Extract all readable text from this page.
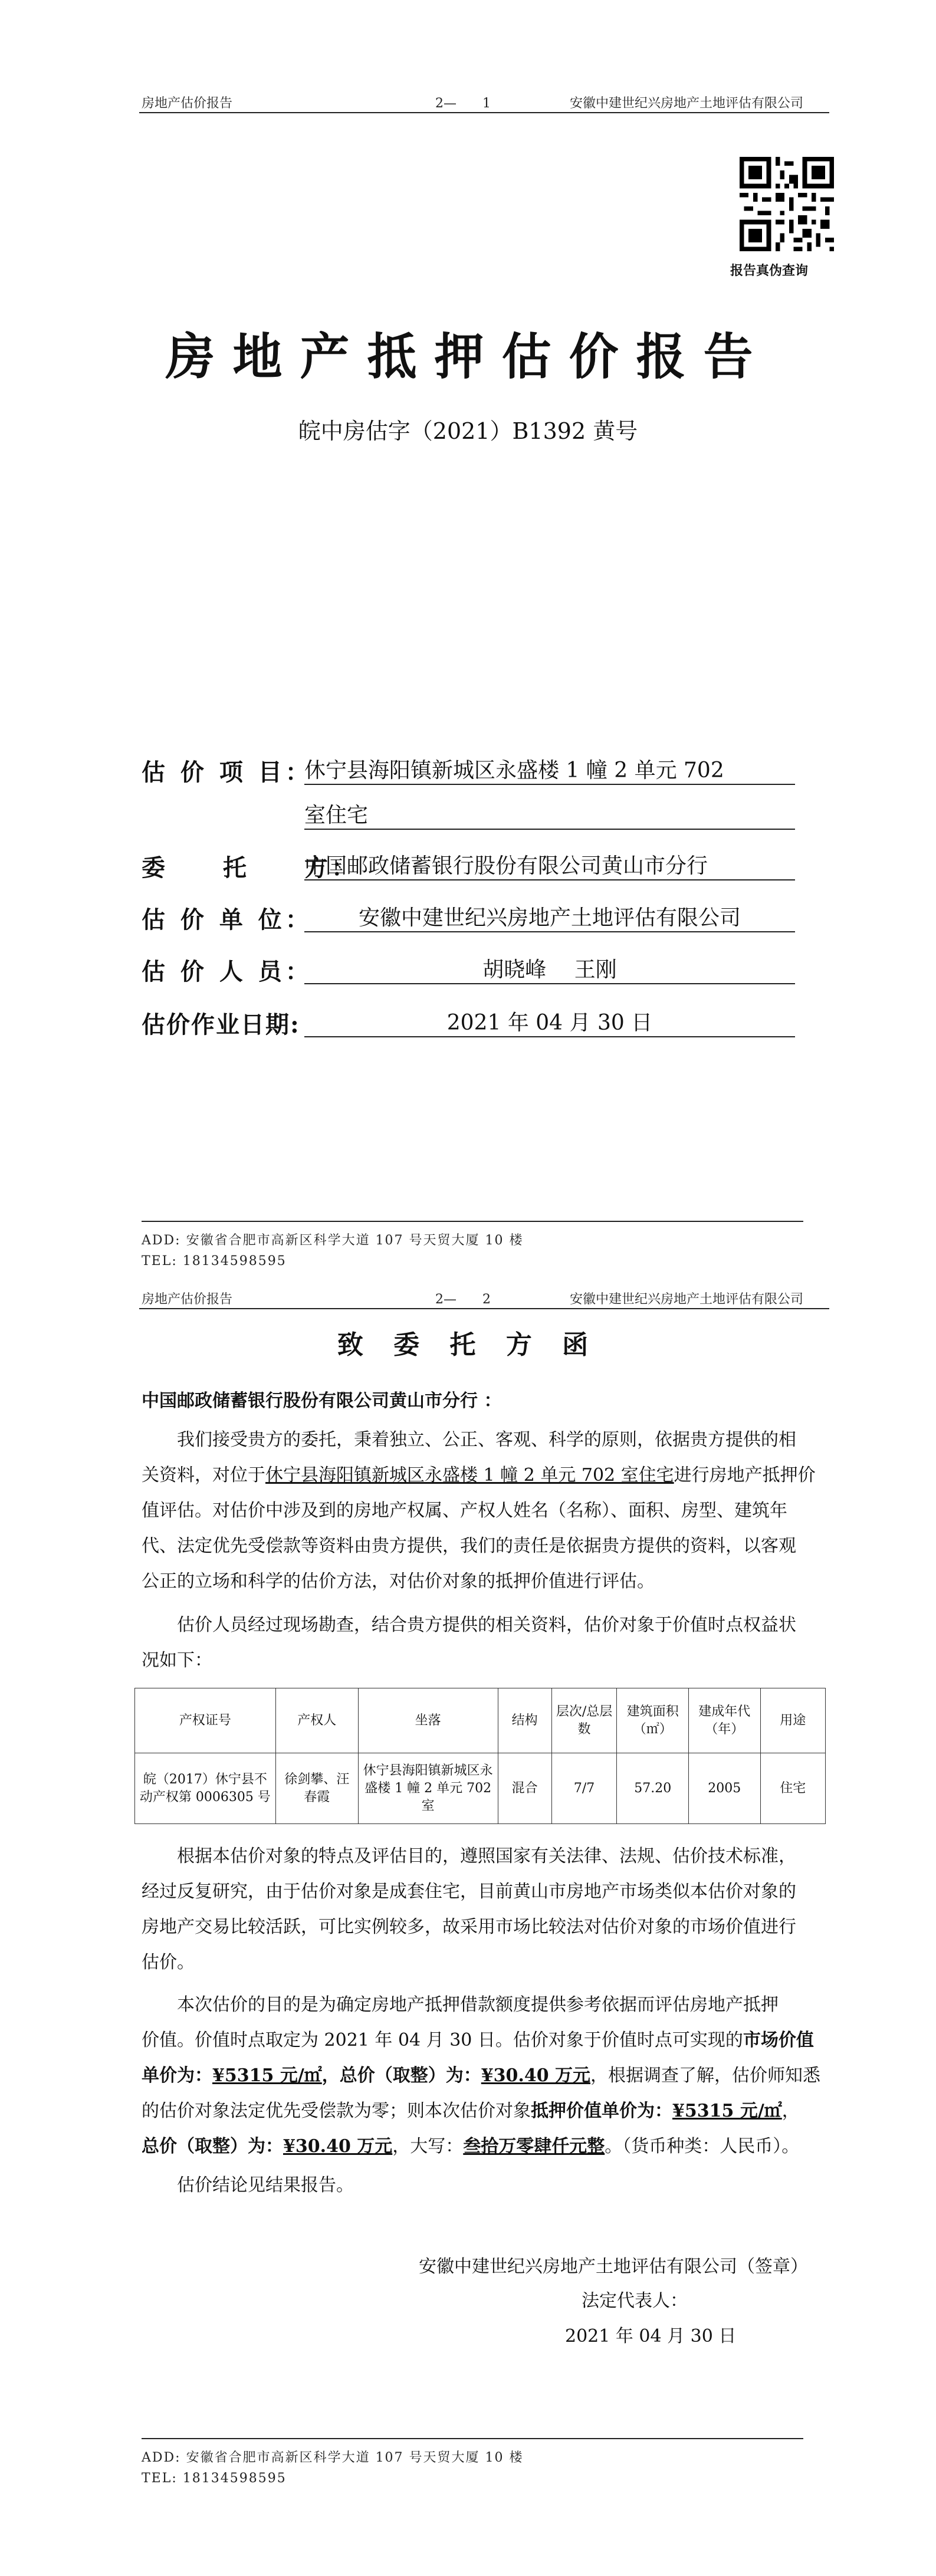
房地产估价报告	2—　　1	安徽中建世纪兴房地产土地评估有限公司
报告真伪查询
房地产抵押估价报告
皖中房估字（2021）B1392 黄号
估 价 项 目：
休宁县海阳镇新城区永盛楼 1 幢 2 单元 702
室住宅
委　　托　　方：
中国邮政储蓄银行股份有限公司黄山市分行
估 价 单 位：	安徽中建世纪兴房地产土地评估有限公司
估 价 人 员：	胡晓峰　 王刚
估价作业日期:	2021 年 04 月 30 日
ADD: 安徽省合肥市高新区科学大道 107 号天贸大厦 10 楼
TEL: 18134598595
房地产估价报告	2—　　2	安徽中建世纪兴房地产土地评估有限公司
致 委 托 方 函
中国邮政储蓄银行股份有限公司黄山市分行 ：
我们接受贵方的委托，秉着独立、公正、客观、科学的原则，依据贵方提供的相
关资料，对位于休宁县海阳镇新城区永盛楼 1 幢 2 单元 702 室住宅进行房地产抵押价
值评估。对估价中涉及到的房地产权属、产权人姓名（名称）、面积、房型、建筑年
代、法定优先受偿款等资料由贵方提供，我们的责任是依据贵方提供的资料，以客观
公正的立场和科学的估价方法，对估价对象的抵押价值进行评估。
估价人员经过现场勘查，结合贵方提供的相关资料，估价对象于价值时点权益状
况如下：
产权证号	产权人	坐落	结构	层次/总层数	建筑面积（㎡）	建成年代（年）	用途
皖（2017）休宁县不动产权第 0006305 号	徐剑攀、汪春霞	休宁县海阳镇新城区永盛楼 1 幢 2 单元 702 室	混合	7/7	57.20	2005	住宅
根据本估价对象的特点及评估目的，遵照国家有关法律、法规、估价技术标准，
经过反复研究，由于估价对象是成套住宅，目前黄山市房地产市场类似本估价对象的
房地产交易比较活跃，可比实例较多，故采用市场比较法对估价对象的市场价值进行
估价。
本次估价的目的是为确定房地产抵押借款额度提供参考依据而评估房地产抵押
价值。价值时点取定为 2021 年 04 月 30 日。估价对象于价值时点可实现的市场价值
单价为：¥5315 元/㎡，总价（取整）为：¥30.40 万元，根据调查了解，估价师知悉
的估价对象法定优先受偿款为零；则本次估价对象抵押价值单价为：¥5315 元/㎡，
总价（取整）为：¥30.40 万元，大写：叁拾万零肆仟元整。（货币种类：人民币）。
估价结论见结果报告。
安徽中建世纪兴房地产土地评估有限公司（签章）
法定代表人：
2021 年 04 月 30 日
ADD: 安徽省合肥市高新区科学大道 107 号天贸大厦 10 楼
TEL: 18134598595
